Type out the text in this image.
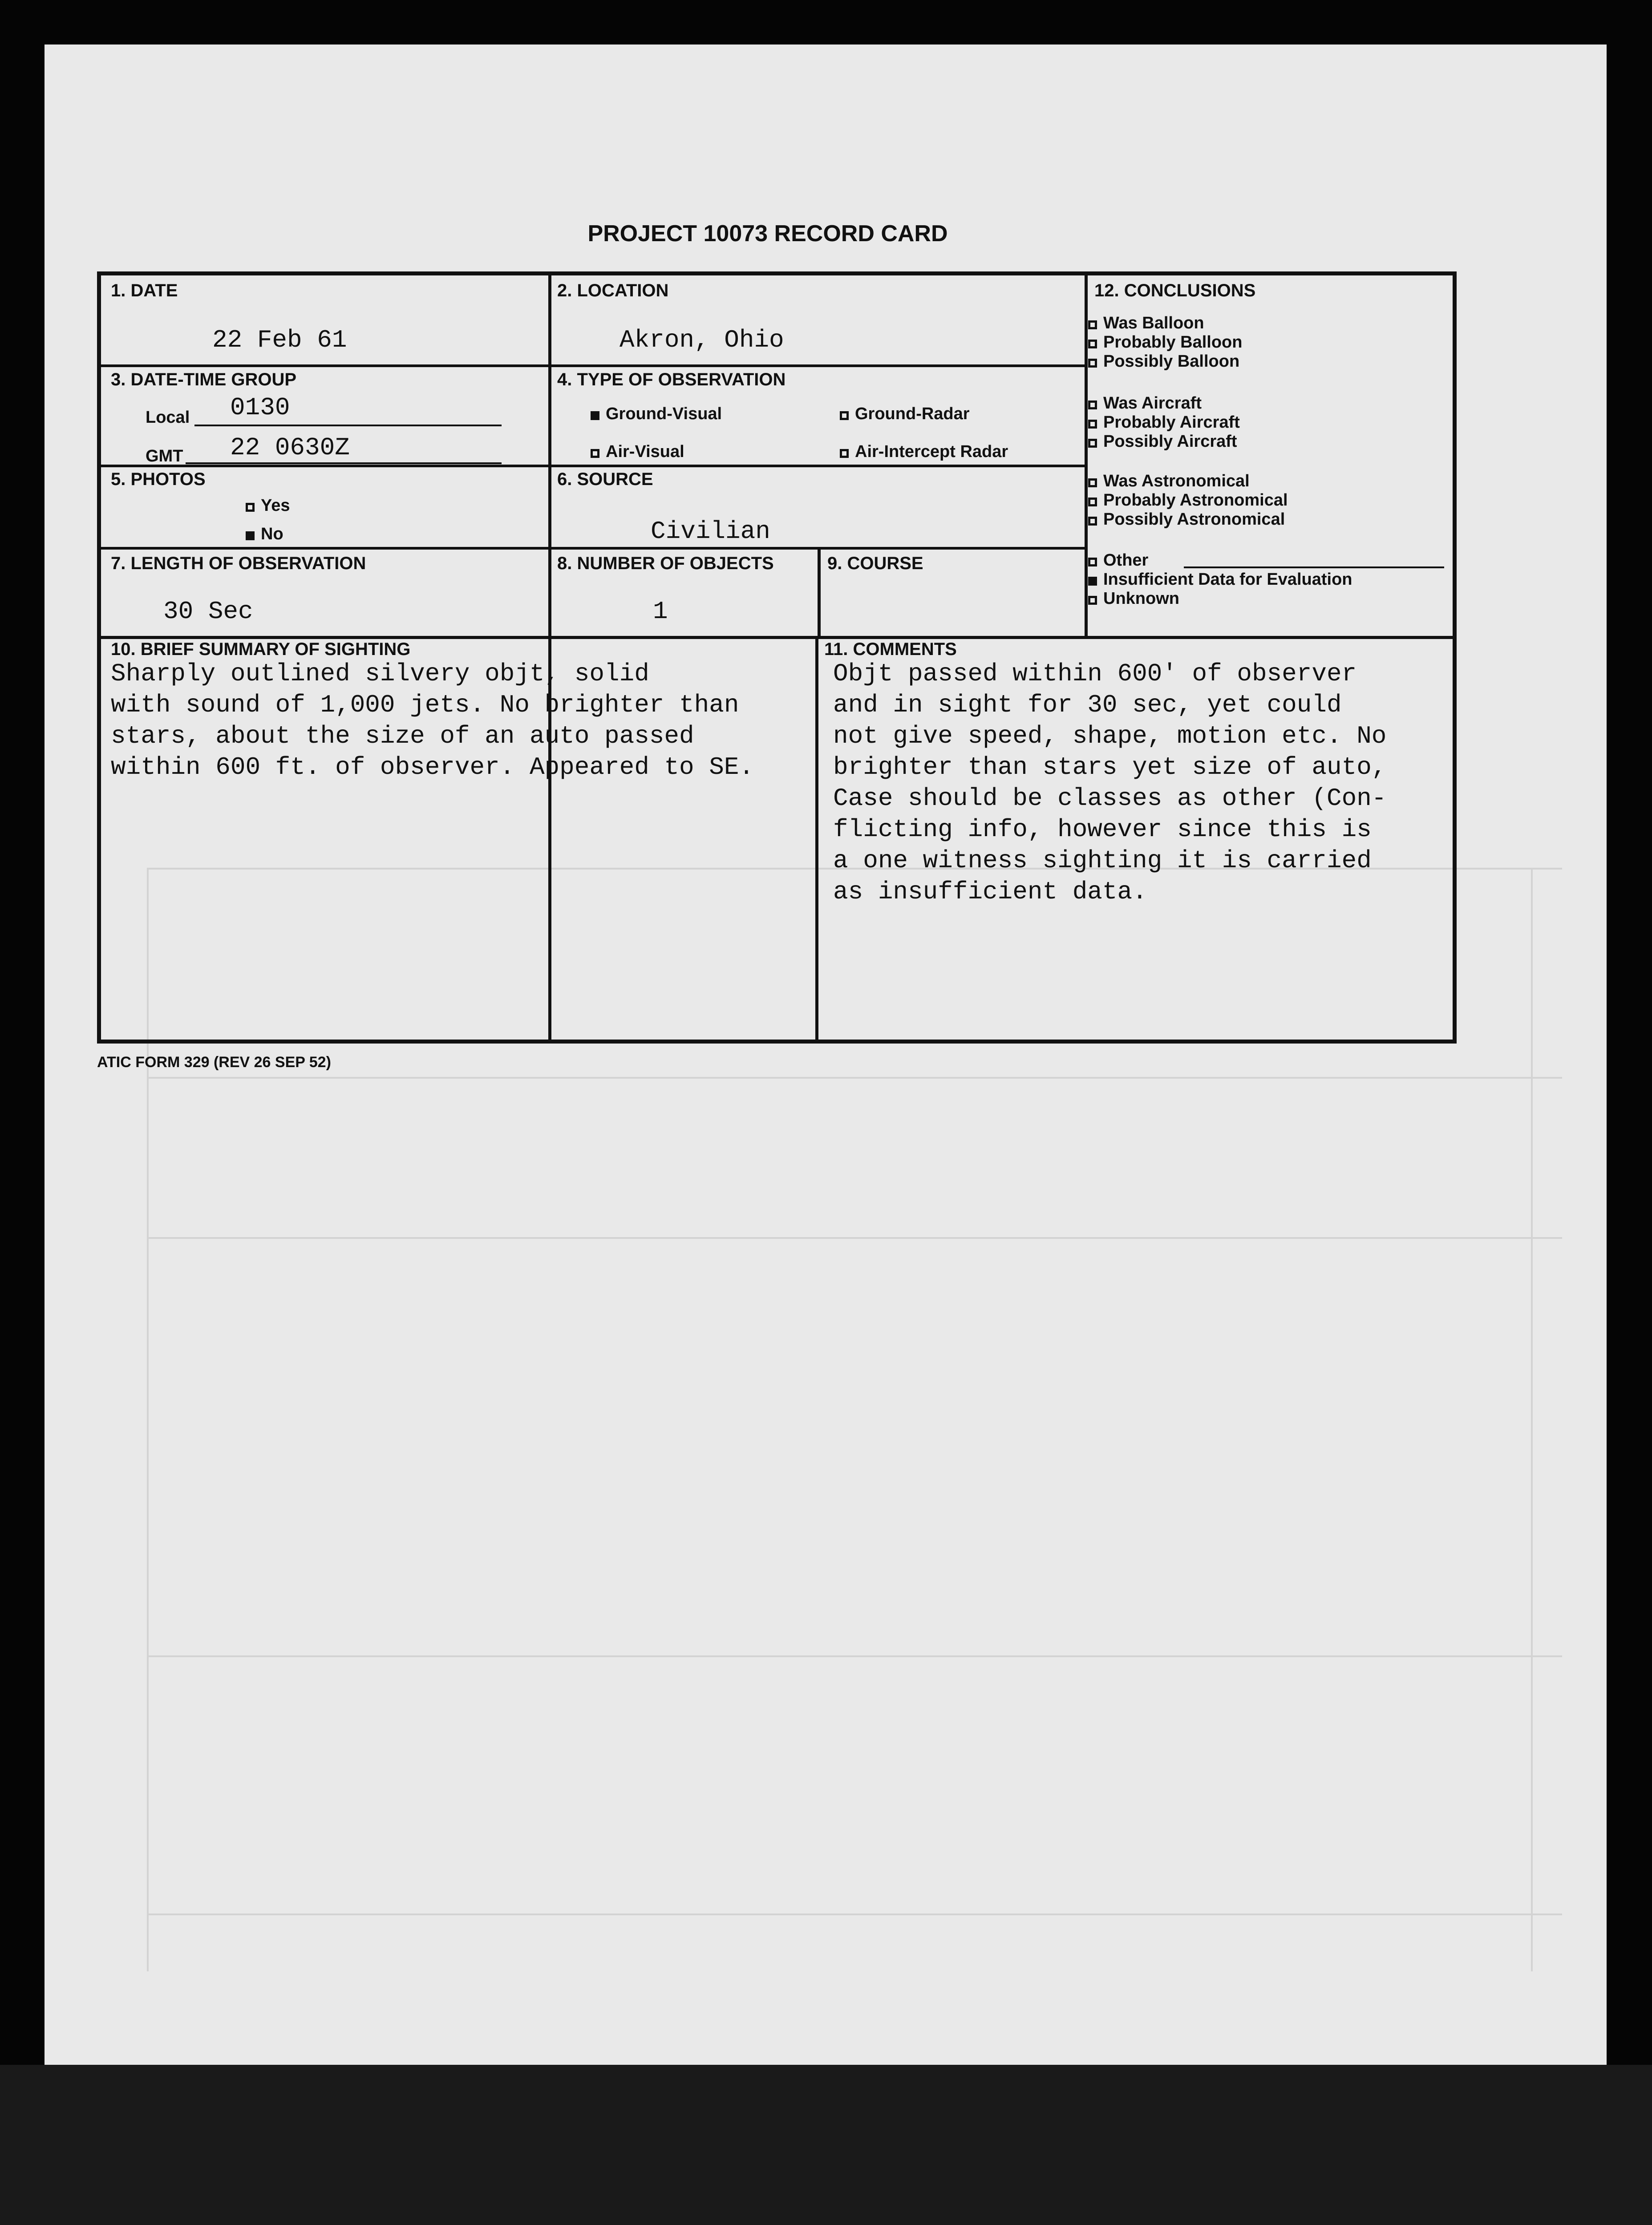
PROJECT 10073 RECORD CARD
1. DATE
22 Feb 61
2. LOCATION
Akron, Ohio
3. DATE-TIME GROUP
Local 0130
GMT 22 0630Z
4. TYPE OF OBSERVATION
Ground-Visual	Ground-Radar
Air-Visual	Air-Intercept Radar
5. PHOTOS
Yes
No
6. SOURCE
Civilian
7. LENGTH OF OBSERVATION
30 Sec
8. NUMBER OF OBJECTS
1
9. COURSE
10. BRIEF SUMMARY OF SIGHTING
Sharply outlined silvery objt, solid
with sound of 1,000 jets. No brighter than
stars, about the size of an auto passed
within 600 ft. of observer. Appeared to SE.
11. COMMENTS
Objt passed within 600' of observer
and in sight for 30 sec, yet could
not give speed, shape, motion etc. No
brighter than stars yet size of auto,
Case should be classes as other (Con-
flicting info, however since this is
a one witness sighting it is carried
as insufficient data.
12. CONCLUSIONS
Was Balloon
Probably Balloon
Possibly Balloon
Was Aircraft
Probably Aircraft
Possibly Aircraft
Was Astronomical
Probably Astronomical
Possibly Astronomical
Other
Insufficient Data for Evaluation
Unknown
ATIC FORM 329 (REV 26 SEP 52)
